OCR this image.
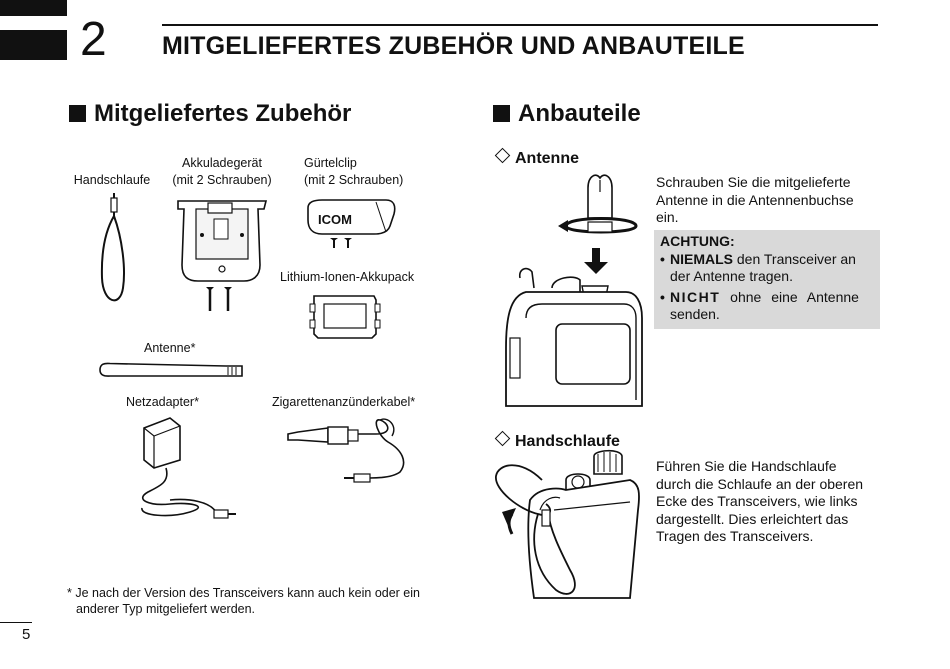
2 MITGELIEFERTES ZUBEHÖR UND ANBAUTEILE
Mitgeliefertes Zubehör
Handschlaufe
Akkuladegerät
(mit 2 Schrauben)
Gürtelclip
(mit 2 Schrauben)
Lithium-Ionen-Akkupack
Antenne*
Netzadapter*	Zigarettenanzünderkabel*
ICOM
* Je nach der Version des Transceivers kann auch kein oder ein
anderer Typ mitgeliefert werden.
Anbauteile
Antenne
Schrauben Sie die mitgelieferte
Antenne in die Antennenbuchse
ein.
ACHTUNG:
• NIEMALS den Transceiver an
der Antenne tragen.
• NICHT ohne eine Antenne
senden.
Handschlaufe
Führen Sie die Handschlaufe
durch die Schlaufe an der oberen
Ecke des Transceivers, wie links
dargestellt. Dies erleichtert das
Tragen des Transceivers.
5
